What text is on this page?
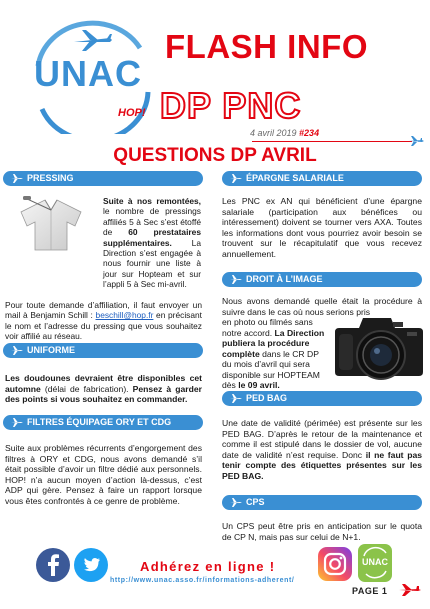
UNAC
HOP!
FLASH INFO
DP PNC
4 avril 2019 #234
QUESTIONS DP AVRIL
PRESSING

Suite à nos remontées, le nombre de pressings affiliés 5 à Sec s’est étoffé de 60 prestataires supplémentaires. La Direction s’est engagée à nous fournir une liste à jour sur Hopteam et sur l’appli 5 à Sec mi-avril.

Pour toute demande d’affiliation, il faut envoyer un mail à Benjamin Schill : beschill@hop.fr en précisant le nom et l’adresse du pressing que vous souhaitez voir affilié au réseau.

UNIFORME

Les doudounes devraient être disponibles cet automne (délai de fabrication). Pensez à garder des points si vous souhaitez en commander.

FILTRES ÉQUIPAGE ORY ET CDG
Suite aux problèmes récurrents d’engorgement des filtres à ORY et CDG, nous avons demandé s’il était possible d’avoir un filtre dédié aux personnels. HOP! n’a aucun moyen d’action là-dessus, c’est ADP qui gère. Pensez à faire un rapport lorsque vous êtes confrontés à ce genre de problème.
ÉPARGNE SALARIALE
Les PNC ex AN qui bénéficient d’une épargne salariale (participation aux bénéfices ou intéressement) doivent se tourner vers AXA. Toutes les informations dont vous pourriez avoir besoin se trouvent sur le récapitulatif que vous recevez annuellement.
DROIT À L’IMAGE

Nous avons demandé quelle était la procédure à suivre dans le cas où nous serions pris

en photo ou filmés sans notre accord. La Direction publiera la procédure complète dans le CR DP du mois d’avril qui sera disponible sur HOPTEAM dès le 09 avril.

PED BAG

Une date de validité (périmée) est présente sur les PED BAG. D’après le retour de la maintenance et comme il est stipulé dans le dossier de vol, aucune date de validité n’est requise. Donc il ne faut pas tenir compte des étiquettes présentes sur les PED BAG.

CPS
Un CPS peut être pris en anticipation sur le quota de CP N, mais pas sur celui de N+1.
Adhérez en ligne !
http://www.unac.asso.fr/informations-adherent/
UNAC
PAGE 1
